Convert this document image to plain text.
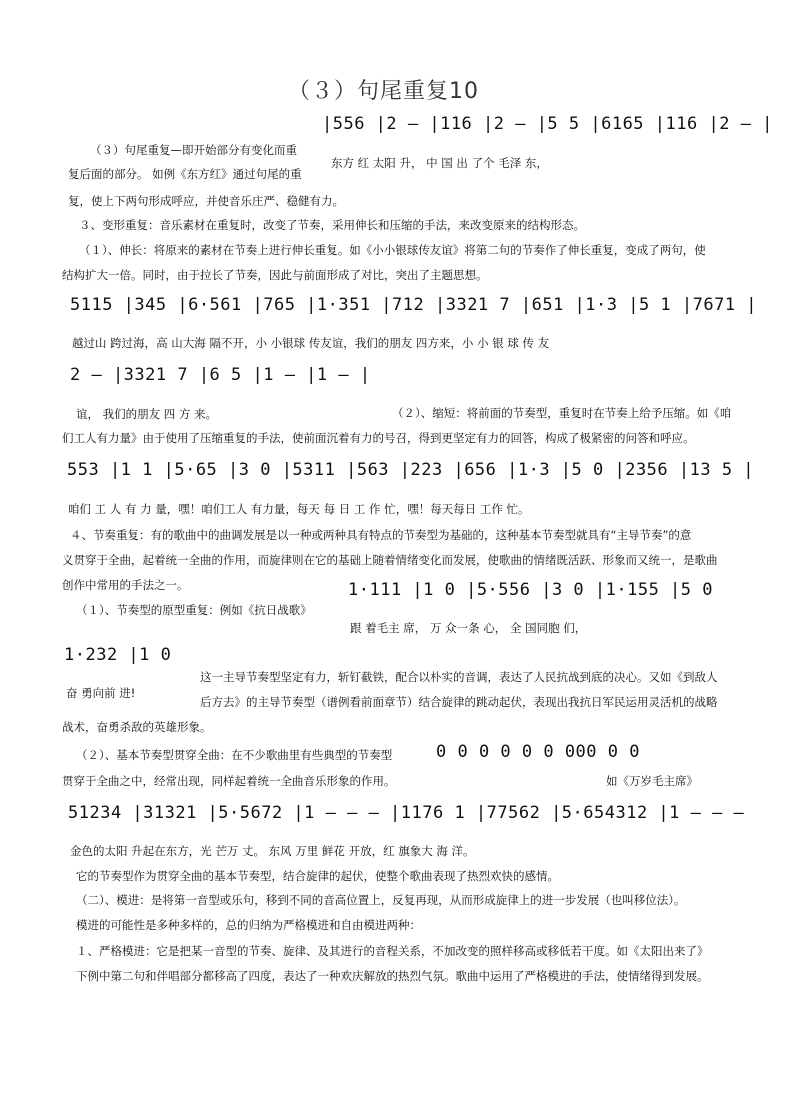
（３）句尾重复10
|556 |2 – |116 |2 – |5 5 |6165 |116 |2 – |
东方 红 太阳 升， 中 国 出 了个 毛泽 东，
（３）句尾重复—即开始部分有变化而重
复后面的部分。 如例《东方红》通过句尾的重
复，使上下两句形成呼应，并使音乐庄严、稳健有力。
３、变形重复：音乐素材在重复时，改变了节奏，采用伸长和压缩的手法，来改变原来的结构形态。
（１）、伸长：将原来的素材在节奏上进行伸长重复。如《小小银球传友谊》将第二句的节奏作了伸长重复，变成了两句，使
结构扩大一倍。同时，由于拉长了节奏，因此与前面形成了对比，突出了主题思想。
5115 |345 |6·561 |765 |1·351 |712 |3321 7 |651 |1·3 |5 1 |7671 |
越过山 跨过海，高 山大海 隔不开，小 小银球 传友谊，我们的朋友 四方来，小 小 银 球 传 友
2 – |3321 7 |6 5 |1 – |1 – |
谊， 我们的朋友 四 方 来。	（２）、缩短：将前面的节奏型，重复时在节奏上给予压缩。如《咱
们工人有力量》由于使用了压缩重复的手法，使前面沉着有力的号召，得到更坚定有力的回答，构成了极紧密的问答和呼应。
553 |1 1 |5·65 |3 0 |5311 |563 |223 |656 |1·3 |5 0 |2356 |13 5 |
咱们 工 人 有 力 量，嘿！咱们工人 有力量，每天 每 日 工 作 忙，嘿！每天每日 工作 忙。
４、节奏重复：有的歌曲中的曲调发展是以一种或两种具有特点的节奏型为基础的，这种基本节奏型就具有“主导节奏”的意
义贯穿于全曲，起着统一全曲的作用，而旋律则在它的基础上随着情绪变化而发展，使歌曲的情绪既活跃、形象而又统一，是歌曲
创作中常用的手法之一。
（１）、节奏型的原型重复：例如《抗日战歌》
1·111 |1 0 |5·556 |3 0 |1·155 |5 0
跟 着毛主 席， 万 众一条 心， 全 国同胞 们，
1·232 |1 0
奋 勇向前 进!
这一主导节奏型坚定有力，斩钉截铁，配合以朴实的音调，表达了人民抗战到底的决心。又如《到敌人
后方去》的主导节奏型（谱例看前面章节）结合旋律的跳动起伏，表现出我抗日军民运用灵活机的战略
战术，奋勇杀敌的英雄形象。
（２）、基本节奏型贯穿全曲：在不少歌曲里有些典型的节奏型	0 0 0 0 0 0 000 0 0
贯穿于全曲之中，经常出现，同样起着统一全曲音乐形象的作用。	如《万岁毛主席》
51234 |31321 |5·5672 |1 – – – |1176 1 |77562 |5·654312 |1 – – –
金色的太阳 升起在东方，光 芒万 丈。 东风 万里 鲜花 开放，红 旗象大 海 洋。
它的节奏型作为贯穿全曲的基本节奏型，结合旋律的起伏，使整个歌曲表现了热烈欢快的感情。
（二）、模进：是将第一音型或乐句，移到不同的音高位置上，反复再现，从而形成旋律上的进一步发展（也叫移位法）。
模进的可能性是多种多样的，总的归纳为严格模进和自由模进两种：
１、严格模进：它是把某一音型的节奏、旋律、及其进行的音程关系，不加改变的照样移高或移低若干度。如《太阳出来了》
下例中第二句和伴唱部分都移高了四度，表达了一种欢庆解放的热烈气氛。歌曲中运用了严格模进的手法，使情绪得到发展。
